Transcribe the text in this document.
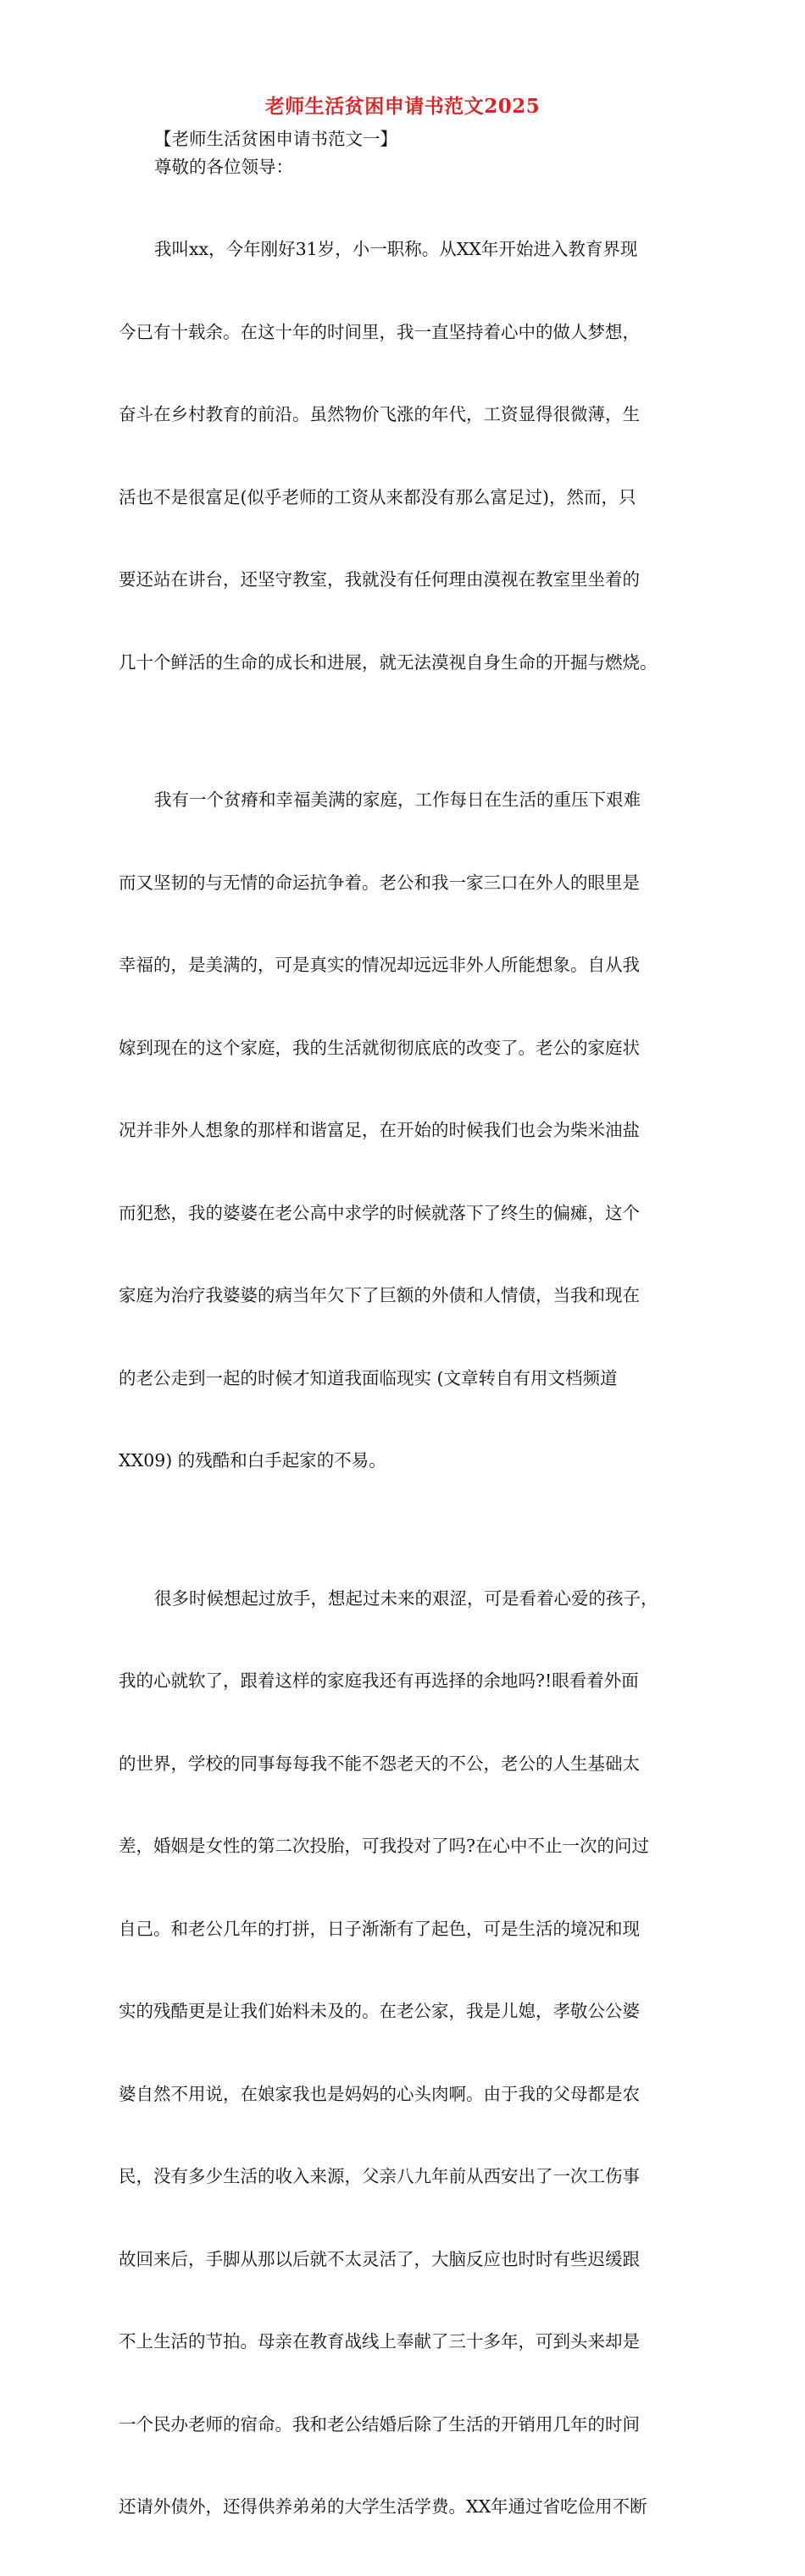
老师生活贫困申请书范文2025
【老师生活贫困申请书范文一】
尊敬的各位领导：

我叫xx，今年刚好31岁，小一职称。从XX年开始进入教育界现

今已有十载余。在这十年的时间里，我一直坚持着心中的做人梦想，

奋斗在乡村教育的前沿。虽然物价飞涨的年代，工资显得很微薄，生

活也不是很富足(似乎老师的工资从来都没有那么富足过)，然而，只

要还站在讲台，还坚守教室，我就没有任何理由漠视在教室里坐着的

几十个鲜活的生命的成长和进展，就无法漠视自身生命的开掘与燃烧。

我有一个贫瘠和幸福美满的家庭，工作每日在生活的重压下艰难

而又坚韧的与无情的命运抗争着。老公和我一家三口在外人的眼里是

幸福的，是美满的，可是真实的情况却远远非外人所能想象。自从我

嫁到现在的这个家庭，我的生活就彻彻底底的改变了。老公的家庭状

况并非外人想象的那样和谐富足，在开始的时候我们也会为柴米油盐

而犯愁，我的婆婆在老公高中求学的时候就落下了终生的偏瘫，这个

家庭为治疗我婆婆的病当年欠下了巨额的外债和人情债，当我和现在

的老公走到一起的时候才知道我面临现实 (文章转自有用文档频道

XX09) 的残酷和白手起家的不易。

很多时候想起过放手，想起过未来的艰涩，可是看着心爱的孩子，

我的心就软了，跟着这样的家庭我还有再选择的余地吗?!眼看着外面

的世界，学校的同事每每我不能不怨老天的不公，老公的人生基础太

差，婚姻是女性的第二次投胎，可我投对了吗?在心中不止一次的问过

自己。和老公几年的打拼，日子渐渐有了起色，可是生活的境况和现

实的残酷更是让我们始料未及的。在老公家，我是儿媳，孝敬公公婆

婆自然不用说，在娘家我也是妈妈的心头肉啊。由于我的父母都是农

民，没有多少生活的收入来源，父亲八九年前从西安出了一次工伤事

故回来后，手脚从那以后就不太灵活了，大脑反应也时时有些迟缓跟

不上生活的节拍。母亲在教育战线上奉献了三十多年，可到头来却是

一个民办老师的宿命。我和老公结婚后除了生活的开销用几年的时间

还请外债外，还得供养弟弟的大学生活学费。XX年通过省吃俭用不断
